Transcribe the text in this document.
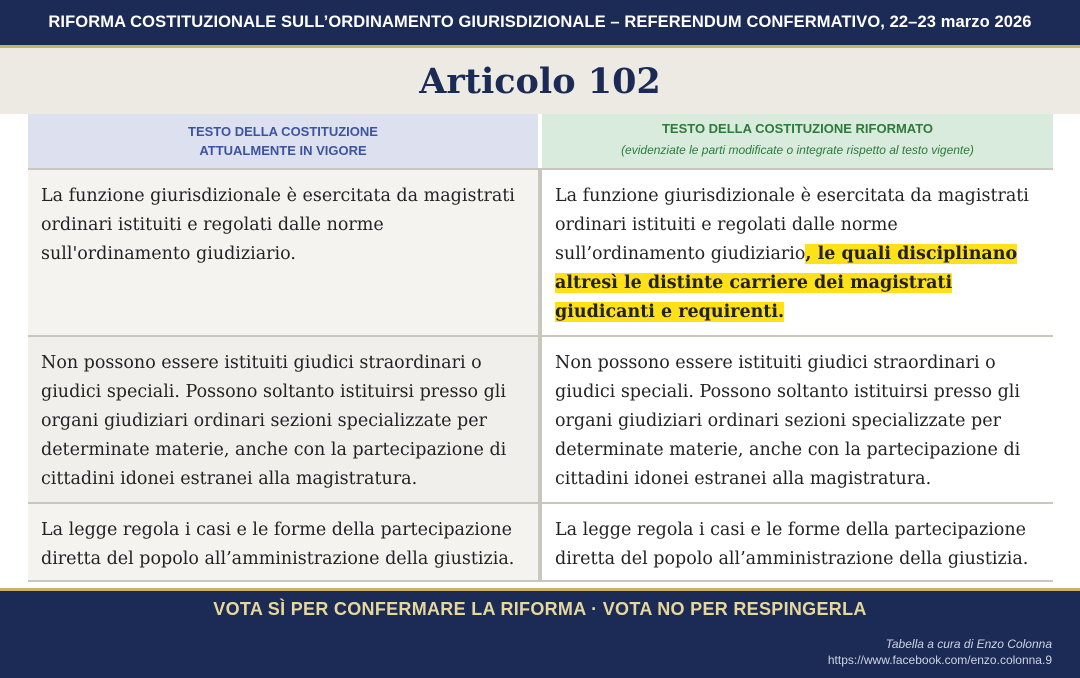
RIFORMA COSTITUZIONALE SULL’ORDINAMENTO GIURISDIZIONALE – REFERENDUM CONFERMATIVO, 22–23 marzo 2026
Articolo 102
TESTO DELLA COSTITUZIONE
ATTUALMENTE IN VIGORE
TESTO DELLA COSTITUZIONE RIFORMATO
(evidenziate le parti modificate o integrate rispetto al testo vigente)
La funzione giurisdizionale è esercitata da magistrati ordinari istituiti e regolati dalle norme sull'ordinamento giudiziario.
La funzione giurisdizionale è esercitata da magistrati ordinari istituiti e regolati dalle norme sull’ordinamento giudiziario, le quali disciplinano altresì le distinte carriere dei magistrati giudicanti e requirenti.
Non possono essere istituiti giudici straordinari o giudici speciali. Possono soltanto istituirsi presso gli organi giudiziari ordinari sezioni specializzate per determinate materie, anche con la partecipazione di cittadini idonei estranei alla magistratura.
Non possono essere istituiti giudici straordinari o giudici speciali. Possono soltanto istituirsi presso gli organi giudiziari ordinari sezioni specializzate per determinate materie, anche con la partecipazione di cittadini idonei estranei alla magistratura.
La legge regola i casi e le forme della partecipazione diretta del popolo all’amministrazione della giustizia.
La legge regola i casi e le forme della partecipazione diretta del popolo all’amministrazione della giustizia.
VOTA SÌ PER CONFERMARE LA RIFORMA · VOTA NO PER RESPINGERLA
Tabella a cura di Enzo Colonna
https://www.facebook.com/enzo.colonna.9
